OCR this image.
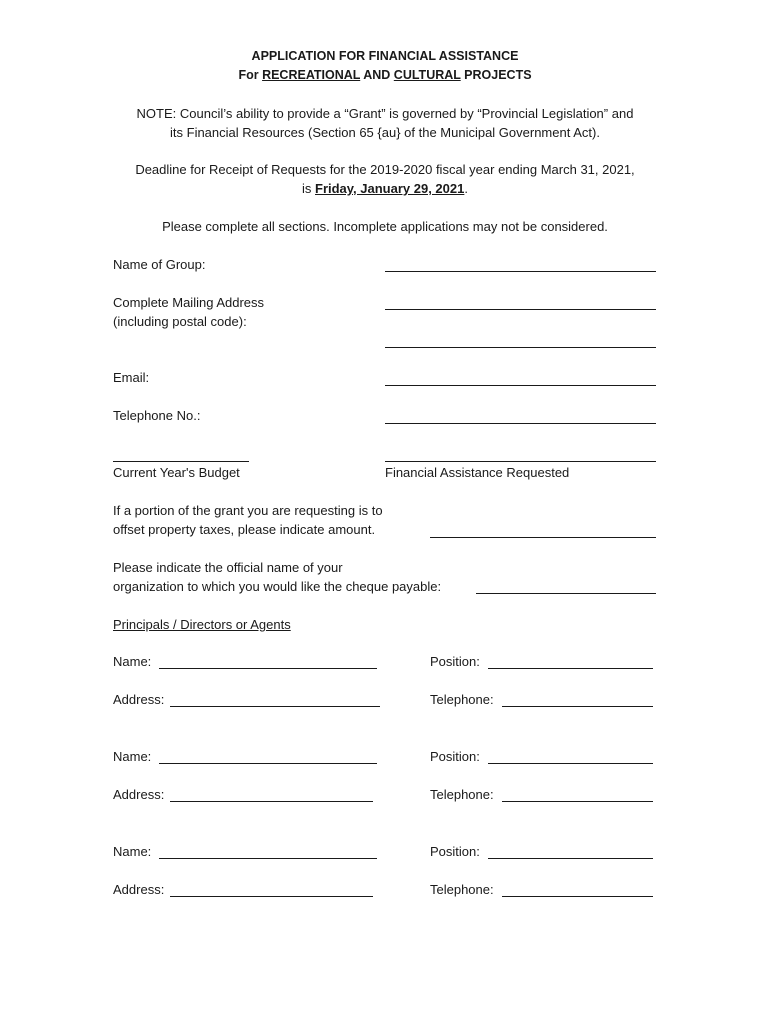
APPLICATION FOR FINANCIAL ASSISTANCE
For RECREATIONAL AND CULTURAL PROJECTS
NOTE: Council’s ability to provide a “Grant” is governed by “Provincial Legislation” and
its Financial Resources (Section 65 {au} of the Municipal Government Act).
Deadline for Receipt of Requests for the 2019-2020 fiscal year ending March 31, 2021,
is Friday, January 29, 2021.
Please complete all sections. Incomplete applications may not be considered.
Name of Group:
Complete Mailing Address
(including postal code):
Email:
Telephone No.:
Current Year's Budget	Financial Assistance Requested
If a portion of the grant you are requesting is to
offset property taxes, please indicate amount.
Please indicate the official name of your
organization to which you would like the cheque payable:
Principals / Directors or Agents
Name:	Position:
Address:	Telephone:
Name:	Position:
Address:	Telephone:
Name:	Position:
Address:	Telephone:
